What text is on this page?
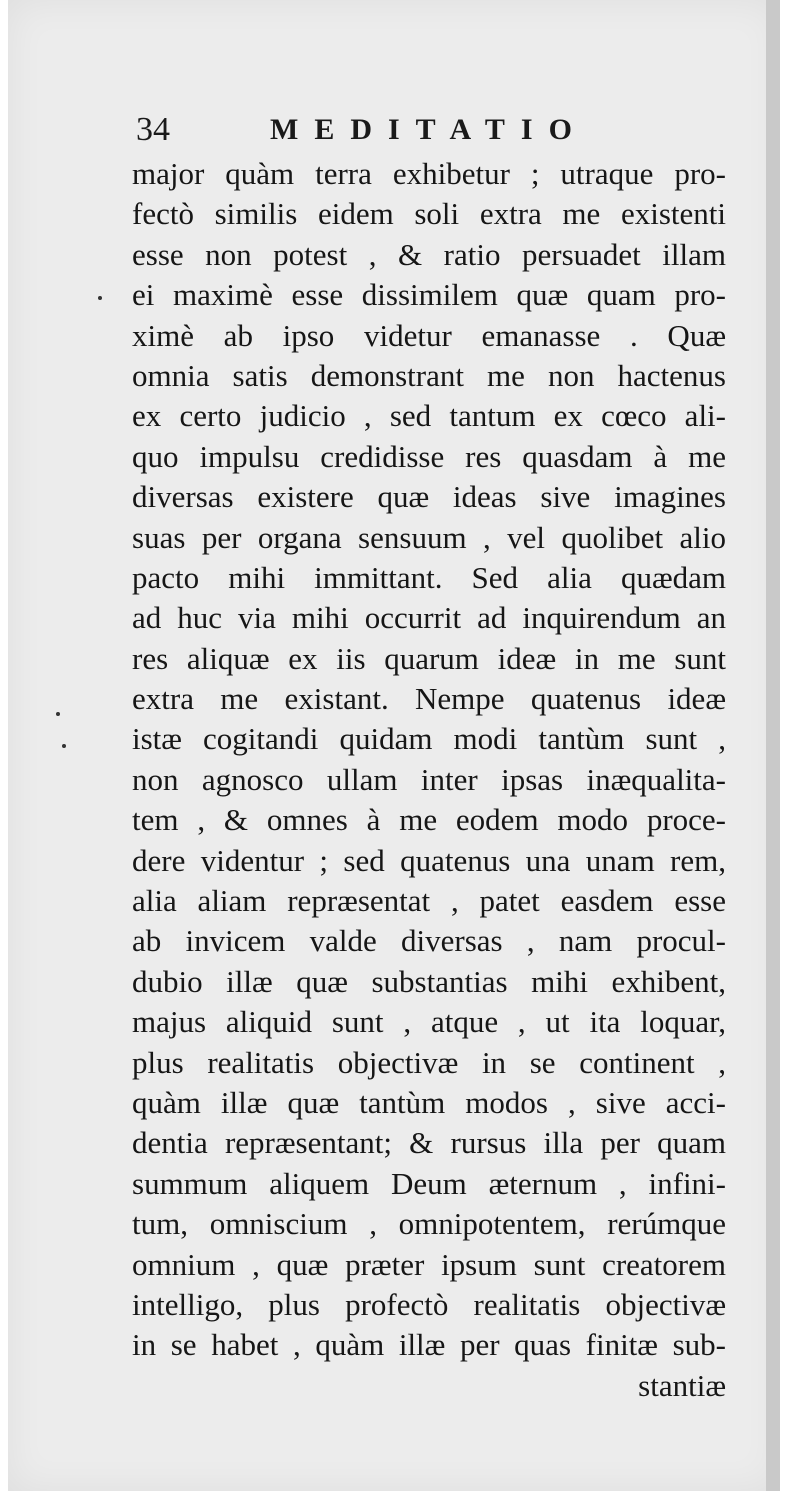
34	MEDITATIO
major quàm terra exhibetur ; utraque pro-
fectò similis eidem soli extra me existenti
esse non potest , & ratio persuadet illam
ei maximè esse dissimilem quæ quam pro-
ximè ab ipso videtur emanasse . Quæ
omnia satis demonstrant me non hactenus
ex certo judicio , sed tantum ex cœco ali-
quo impulsu credidisse res quasdam à me
diversas existere quæ ideas sive imagines
suas per organa sensuum , vel quolibet alio
pacto mihi immittant. Sed alia quædam
ad huc via mihi occurrit ad inquirendum an
res aliquæ ex iis quarum ideæ in me sunt
extra me existant. Nempe quatenus ideæ
istæ cogitandi quidam modi tantùm sunt ,
non agnosco ullam inter ipsas inæqualita-
tem , & omnes à me eodem modo proce-
dere videntur ; sed quatenus una unam rem,
alia aliam repræsentat , patet easdem esse
ab invicem valde diversas , nam procul-
dubio illæ quæ substantias mihi exhibent,
majus aliquid sunt , atque , ut ita loquar,
plus realitatis objectivæ in se continent ,
quàm illæ quæ tantùm modos , sive acci-
dentia repræsentant; & rursus illa per quam
summum aliquem Deum æternum , infini-
tum, omniscium , omnipotentem, rerúmque
omnium , quæ præter ipsum sunt creatorem
intelligo, plus profectò realitatis objectivæ
in se habet , quàm illæ per quas finitæ sub-
stantiæ
